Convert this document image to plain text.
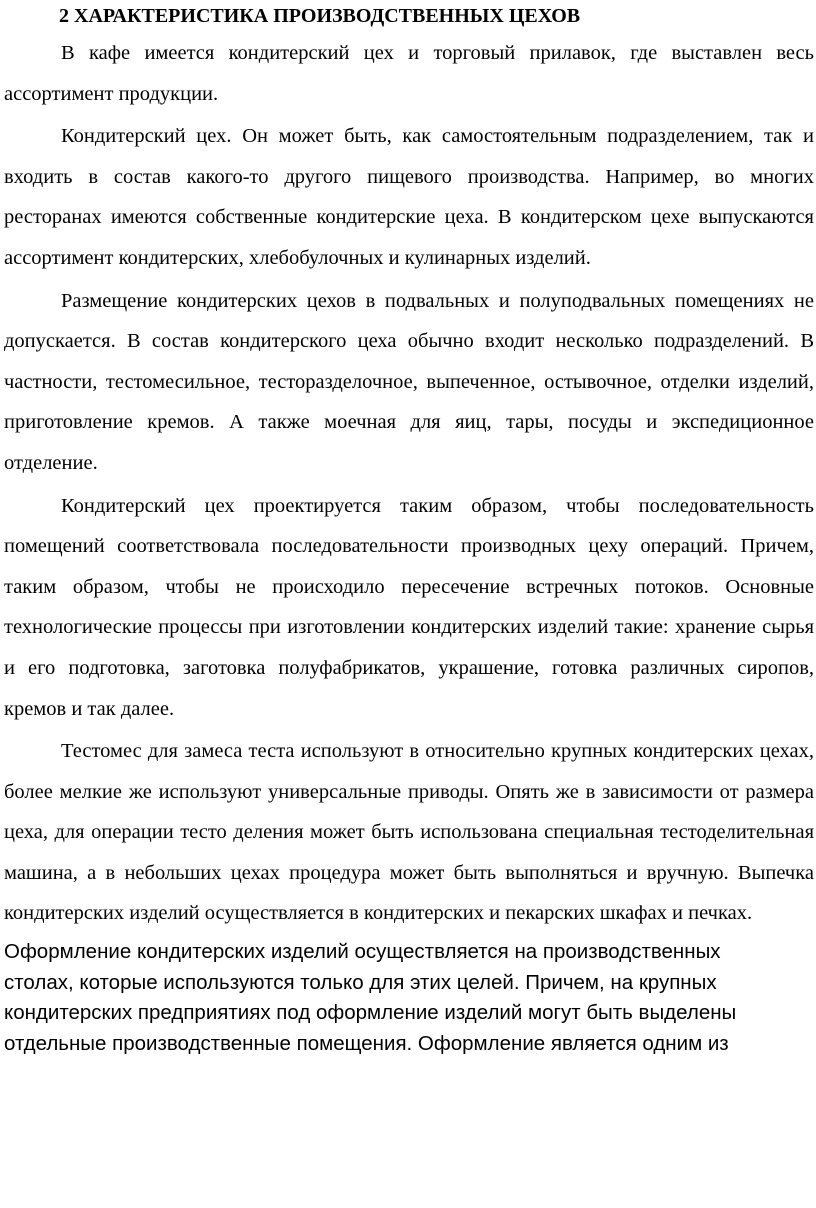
2 ХАРАКТЕРИСТИКА ПРОИЗВОДСТВЕННЫХ ЦЕХОВ

В кафе имеется кондитерский цех и торговый прилавок, где выставлен весь ассортимент продукции.

Кондитерский цех. Он может быть, как самостоятельным подразделением, так и входить в состав какого-то другого пищевого производства. Например, во многих ресторанах имеются собственные кондитерские цеха. В кондитерском цехе выпускаются ассортимент кондитерских, хлебобулочных и кулинарных изделий.

Размещение кондитерских цехов в подвальных и полуподвальных помещениях не допускается. В состав кондитерского цеха обычно входит несколько подразделений. В частности, тестомесильное, тесторазделочное, выпеченное, остывочное, отделки изделий, приготовление кремов. А также моечная для яиц, тары, посуды и экспедиционное отделение.

Кондитерский цех проектируется таким образом, чтобы последовательность помещений соответствовала последовательности производных цеху операций. Причем, таким образом, чтобы не происходило пересечение встречных потоков. Основные технологические процессы при изготовлении кондитерских изделий такие: хранение сырья и его подготовка, заготовка полуфабрикатов, украшение, готовка различных сиропов, кремов и так далее.

Тестомес для замеса теста используют в относительно крупных кондитерских цехах, более мелкие же используют универсальные приводы. Опять же в зависимости от размера цеха, для операции тесто деления может быть использована специальная тестоделительная машина, а в небольших цехах процедура может быть выполняться и вручную. Выпечка кондитерских изделий осуществляется в кондитерских и пекарских шкафах и печках.

Оформление кондитерских изделий осуществляется на производственных столах, которые используются только для этих целей. Причем, на крупных кондитерских предприятиях под оформление изделий могут быть выделены отдельные производственные помещения. Оформление является одним из
